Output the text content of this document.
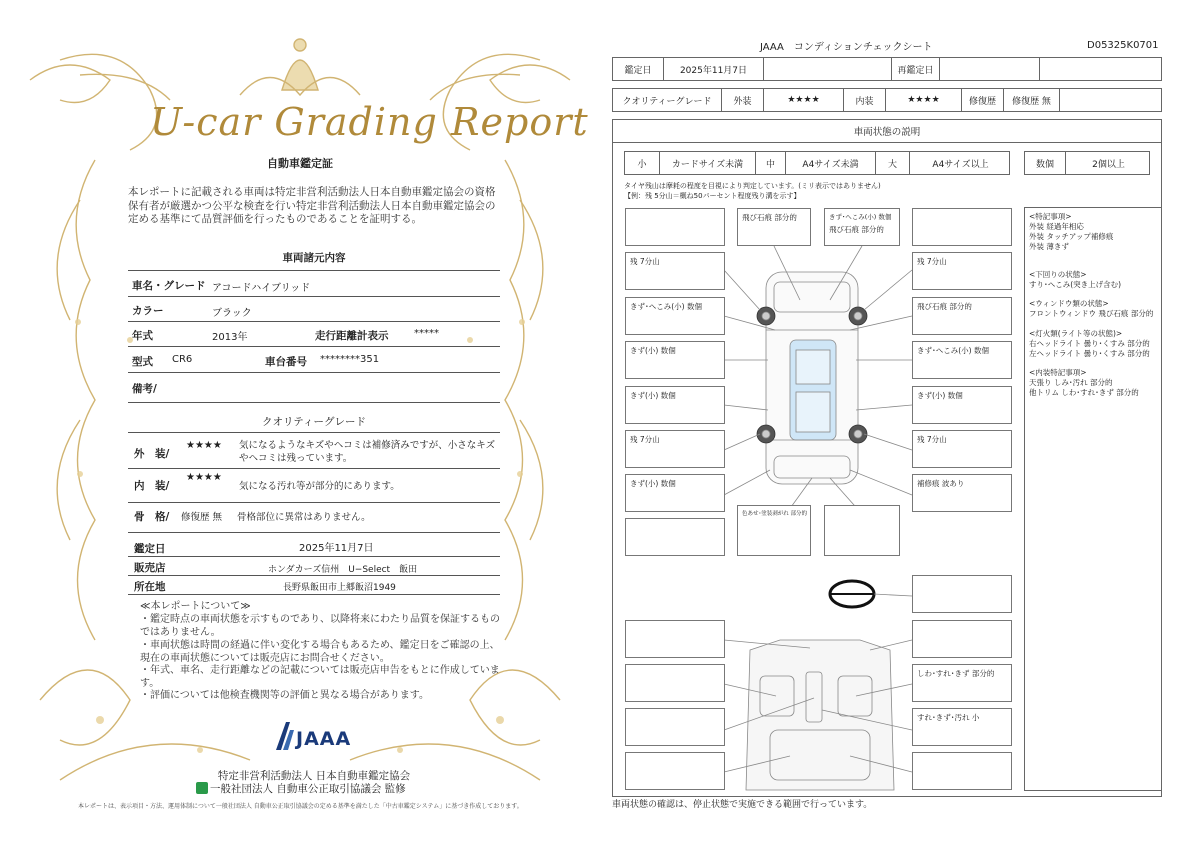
U-car Grading Report
自動車鑑定証
本レポートに記載される車両は特定非営利活動法人日本自動車鑑定協会の資格保有者が厳選かつ公平な検査を行い特定非営利活動法人日本自動車鑑定協会の定める基準にて品質評価を行ったものであることを証明する。
車両諸元内容
車名・グレード アコードハイブリッド
カラー	ブラック
年式	2013年	走行距離計表示	*****
型式 CR6	車台番号 ********351
備考/
クオリティーグレード
外　装/
★★★★ 気になるようなキズやヘコミは補修済みですが、小さなキズやヘコミは残っています。
内　装/
★★★★
気になる汚れ等が部分的にあります。
骨　格/ 修復歴 無 骨格部位に異常はありません。
鑑定日	2025年11月7日
販売店	ホンダカーズ信州　U−Select　飯田
所在地	長野県飯田市上郷飯沼1949
≪本レポートについて≫
・鑑定時点の車両状態を示すものであり、以降将来にわたり品質を保証するものではありません。
・車両状態は時間の経過に伴い変化する場合もあるため、鑑定日をご確認の上、現在の車両状態については販売店にお問合せください。
・年式、車名、走行距離などの記載については販売店申告をもとに作成しています。
・評価については他検査機関等の評価と異なる場合があります。
JAAA
特定非営利活動法人 日本自動車鑑定協会
一般社団法人 自動車公正取引協議会 監修
本レポートは、表示項目・方法、運用体制について一般社団法人 自動車公正取引協議会の定める基準を満たした「中古車鑑定システム」に基づき作成しております。
JAAA　コンディションチェックシート	D05325K0701
鑑定日	2025年11月7日	再鑑定日
クオリティーグレード	外装	★★★★	内装	★★★★	修復歴	修復歴 無
車両状態の説明
小	カードサイズ未満	中	A4サイズ未満	大	A4サイズ以上	数個	2個以上
タイヤ残山は摩耗の程度を目視により判定しています。(ミリ表示ではありません)
【例：残 5分山＝概ね50パーセント程度残り溝を示す】
飛び石痕 部分的	きず･へこみ(小) 数個
飛び石痕 部分的
残 7分山
きず･へこみ(小) 数個
きず(小) 数個
きず(小) 数個
残 7分山
きず(小) 数個
残 7分山
飛び石痕 部分的
きず･へこみ(小) 数個
きず(小) 数個
残 7分山
補修痕 波あり
色あせ･塗装剥がれ 部分的
しわ･すれ･きず 部分的
すれ･きず･汚れ 小
<特記事項>
外装 経過年相応
外装 タッチアップ補修痕
外装 薄きず
<下回りの状態>
すり･へこみ(突き上げ含む)
<ウィンドウ類の状態>
フロントウィンドウ 飛び石痕 部分的
<灯火類(ライト等の状態)>
右ヘッドライト 曇り･くすみ 部分的
左ヘッドライト 曇り･くすみ 部分的
<内装特記事項>
天張り しみ･汚れ 部分的
他トリム しわ･すれ･きず 部分的
車両状態の確認は、停止状態で実施できる範囲で行っています。
